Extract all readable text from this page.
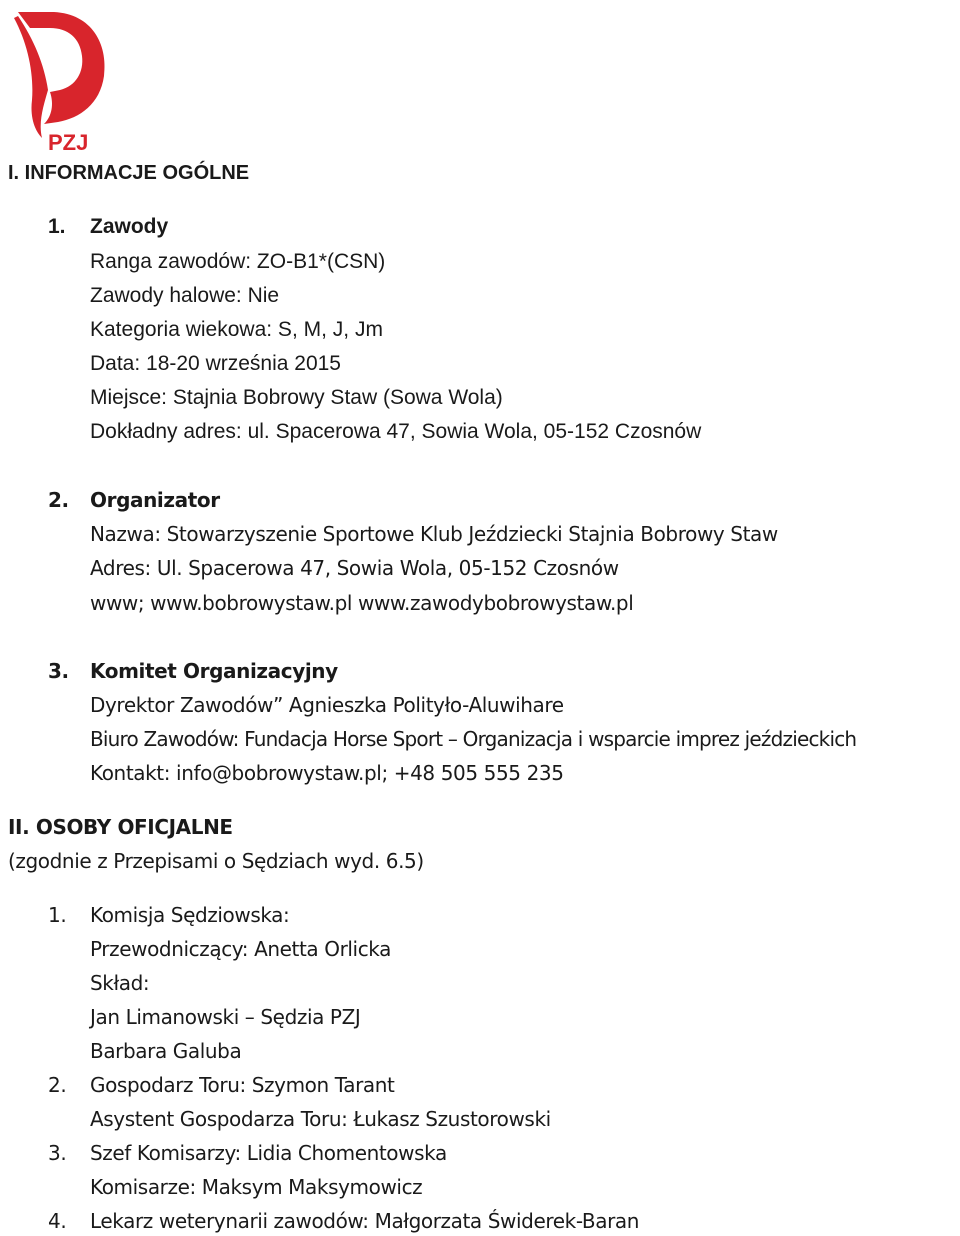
PZJ
I. INFORMACJE OGÓLNE
1. Zawody
Ranga zawodów: ZO-B1*(CSN)
Zawody halowe: Nie
Kategoria wiekowa: S, M, J, Jm
Data: 18-20 września 2015
Miejsce: Stajnia Bobrowy Staw (Sowa Wola)
Dokładny adres: ul. Spacerowa 47, Sowia Wola, 05-152 Czosnów
2. Organizator
Nazwa: Stowarzyszenie Sportowe Klub Jeździecki Stajnia Bobrowy Staw
Adres: Ul. Spacerowa 47, Sowia Wola, 05-152 Czosnów
www; www.bobrowystaw.pl www.zawodybobrowystaw.pl
3. Komitet Organizacyjny
Dyrektor Zawodów” Agnieszka Polityło-Aluwihare
Biuro Zawodów: Fundacja Horse Sport – Organizacja i wsparcie imprez jeździeckich
Kontakt: info@bobrowystaw.pl; +48 505 555 235
II. OSOBY OFICJALNE
(zgodnie z Przepisami o Sędziach wyd. 6.5)
1. Komisja Sędziowska:
Przewodniczący: Anetta Orlicka
Skład:
Jan Limanowski – Sędzia PZJ
Barbara Galuba
2. Gospodarz Toru: Szymon Tarant
Asystent Gospodarza Toru: Łukasz Szustorowski
3. Szef Komisarzy: Lidia Chomentowska
Komisarze: Maksym Maksymowicz
4. Lekarz weterynarii zawodów: Małgorzata Świderek-Baran
